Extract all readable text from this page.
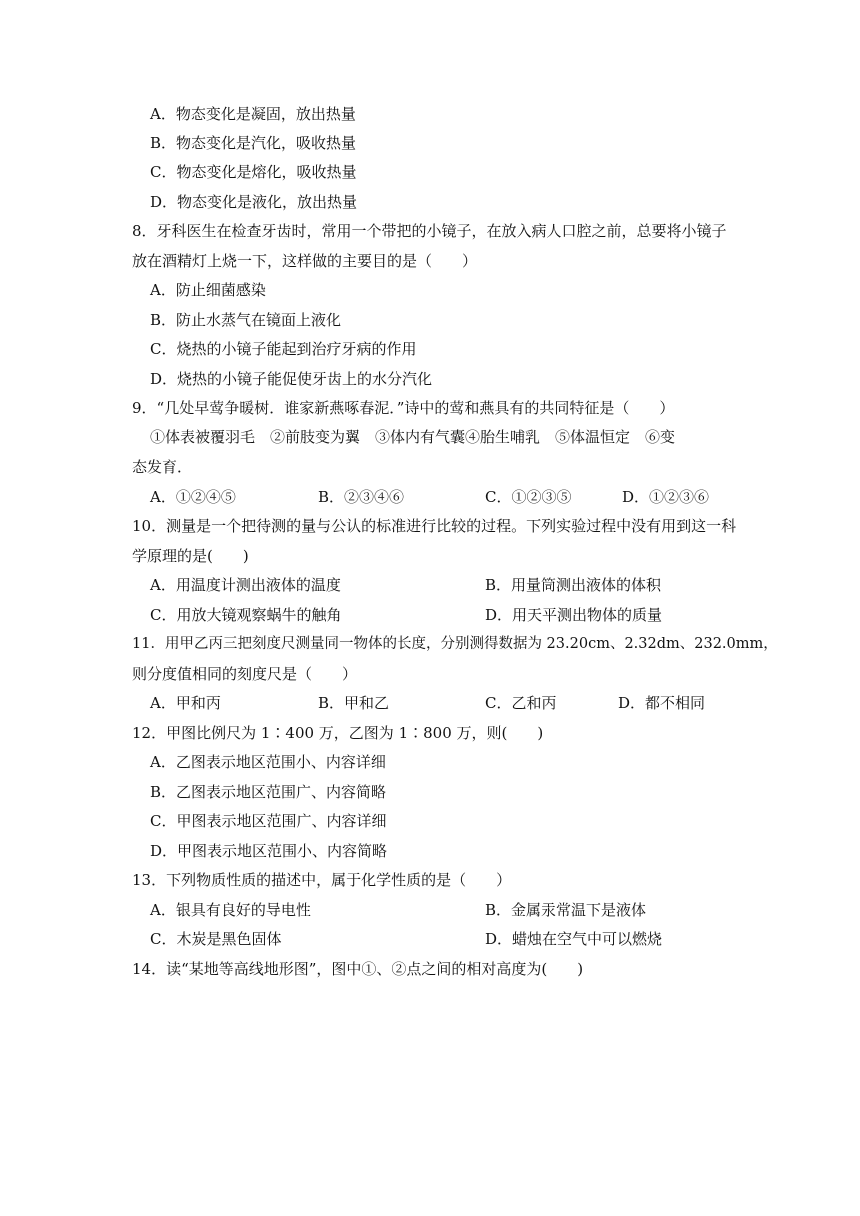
A．物态变化是凝固，放出热量
B．物态变化是汽化，吸收热量
C．物态变化是熔化，吸收热量
D．物态变化是液化，放出热量
8．牙科医生在检查牙齿时，常用一个带把的小镜子，在放入病人口腔之前，总要将小镜子
放在酒精灯上烧一下，这样做的主要目的是（　　）
A．防止细菌感染
B．防止水蒸气在镜面上液化
C．烧热的小镜子能起到治疗牙病的作用
D．烧热的小镜子能促使牙齿上的水分汽化
9．“几处早莺争暖树．谁家新燕啄春泥．”诗中的莺和燕具有的共同特征是（　　）
①体表被覆羽毛　②前肢变为翼　③体内有气囊④胎生哺乳　⑤体温恒定　⑥变
态发育．
A．①②④⑤	B．②③④⑥	C．①②③⑤	D．①②③⑥
10．测量是一个把待测的量与公认的标准进行比较的过程。下列实验过程中没有用到这一科
学原理的是(　　)
A．用温度计测出液体的温度	B．用量筒测出液体的体积
C．用放大镜观察蜗牛的触角	D．用天平测出物体的质量
11．用甲乙丙三把刻度尺测量同一物体的长度，分别测得数据为 23.20cm、2.32dm、232.0mm，
则分度值相同的刻度尺是（　　）
A．甲和丙	B．甲和乙	C．乙和丙	D．都不相同
12．甲图比例尺为 1∶400 万，乙图为 1∶800 万，则(　　)
A．乙图表示地区范围小、内容详细
B．乙图表示地区范围广、内容简略
C．甲图表示地区范围广、内容详细
D．甲图表示地区范围小、内容简略
13．下列物质性质的描述中，属于化学性质的是（　　）
A．银具有良好的导电性	B．金属汞常温下是液体
C．木炭是黑色固体	D．蜡烛在空气中可以燃烧
14．读“某地等高线地形图”，图中①、②点之间的相对高度为(　　)
